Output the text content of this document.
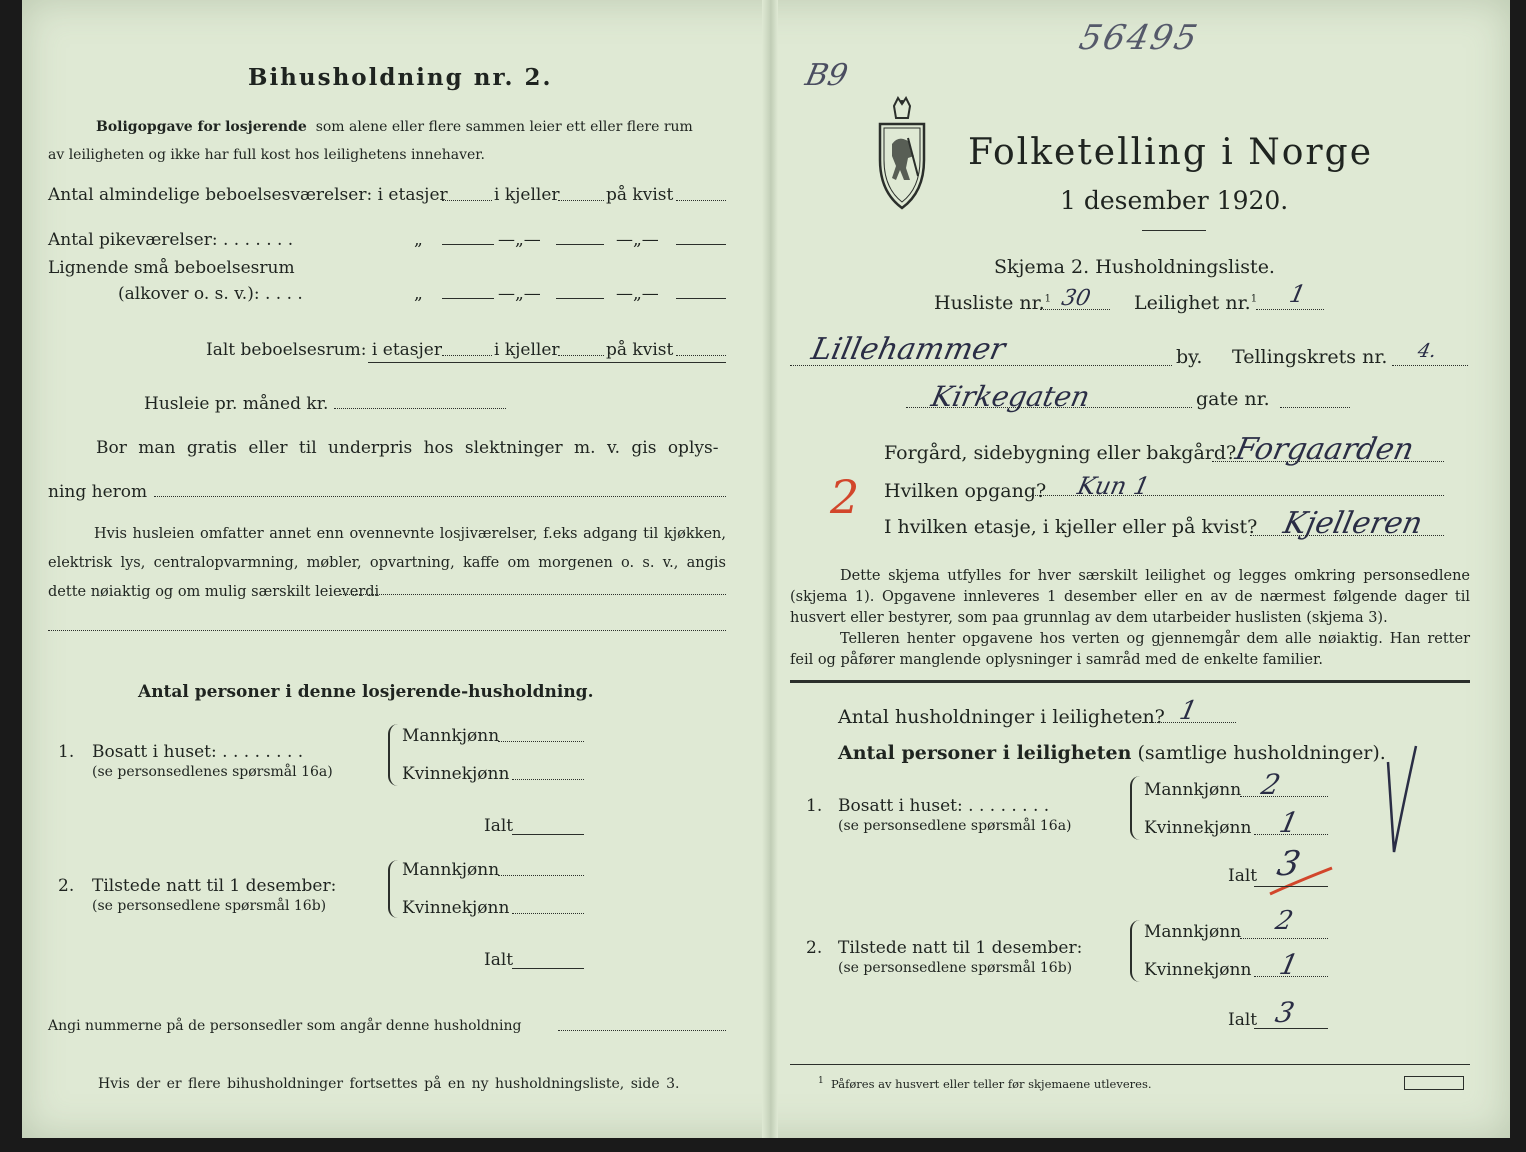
Bihusholdning nr. 2.
Boligopgave for losjerende som alene eller flere sammen leier ett eller flere rum
av leiligheten og ikke har full kost hos leilighetens innehaver.
Antal almindelige beboelsesværelser: i etasjer	i kjeller	på kvist
Antal pikeværelser: . . . . . . .	„	—„—	—„—
Lignende små beboelsesrum
(alkover o. s. v.): . . . .	„	—„—	—„—
Ialt beboelsesrum: i etasjer	i kjeller	på kvist
Husleie pr. måned kr.
Bor man gratis eller til underpris hos slektninger m. v. gis oplys-
ning herom
Hvis husleien omfatter annet enn ovennevnte losjiværelser, f.eks adgang til kjøkken, elektrisk lys, centralopvarmning, møbler, opvartning, kaffe om morgenen o. s. v., angis dette nøiaktig og om mulig særskilt leieverdi
Antal personer i denne losjerende-husholdning.
1. Bosatt i huset: . . . . . . . .
(se personsedlenes spørsmål 16a)
Mannkjønn
Kvinnekjønn
Ialt
2. Tilstede natt til 1 desember:
(se personsedlene spørsmål 16b)
Mannkjønn
Kvinnekjønn
Ialt
Angi nummerne på de personsedler som angår denne husholdning
Hvis der er flere bihusholdninger fortsettes på en ny husholdningsliste, side 3.
56495
B9
Folketelling i Norge
1 desember 1920.
Skjema 2. Husholdningsliste.
Husliste nr.$^1$ 30 Leilighet nr.$^1$ 1
Lillehammer	by. Tellingskrets nr. 4.
Kirkegaten	gate nr.
Forgård, sidebygning eller bakgård?
Forgaarden
2 Hvilken opgang? Kun 1
I hvilken etasje, i kjeller eller på kvist? Kjelleren
Dette skjema utfylles for hver særskilt leilighet og legges omkring personsedlene (skjema 1). Opgavene innleveres 1 desember eller en av de nærmest følgende dager til husvert eller bestyrer, som paa grunnlag av dem utarbeider huslisten (skjema 3).
Telleren henter opgavene hos verten og gjennemgår dem alle nøiaktig. Han retter feil og påfører manglende oplysninger i samråd med de enkelte familier.
Antal husholdninger i leiligheten? 1
Antal personer i leiligheten (samtlige husholdninger).
1. Bosatt i huset: . . . . . . . .
(se personsedlene spørsmål 16a)
Mannkjønn 2
Kvinnekjønn 1
Ialt 3
2. Tilstede natt til 1 desember:
(se personsedlene spørsmål 16b)
Mannkjønn 2
Kvinnekjønn 1
Ialt 3
$^1$ Påføres av husvert eller teller før skjemaene utleveres.
